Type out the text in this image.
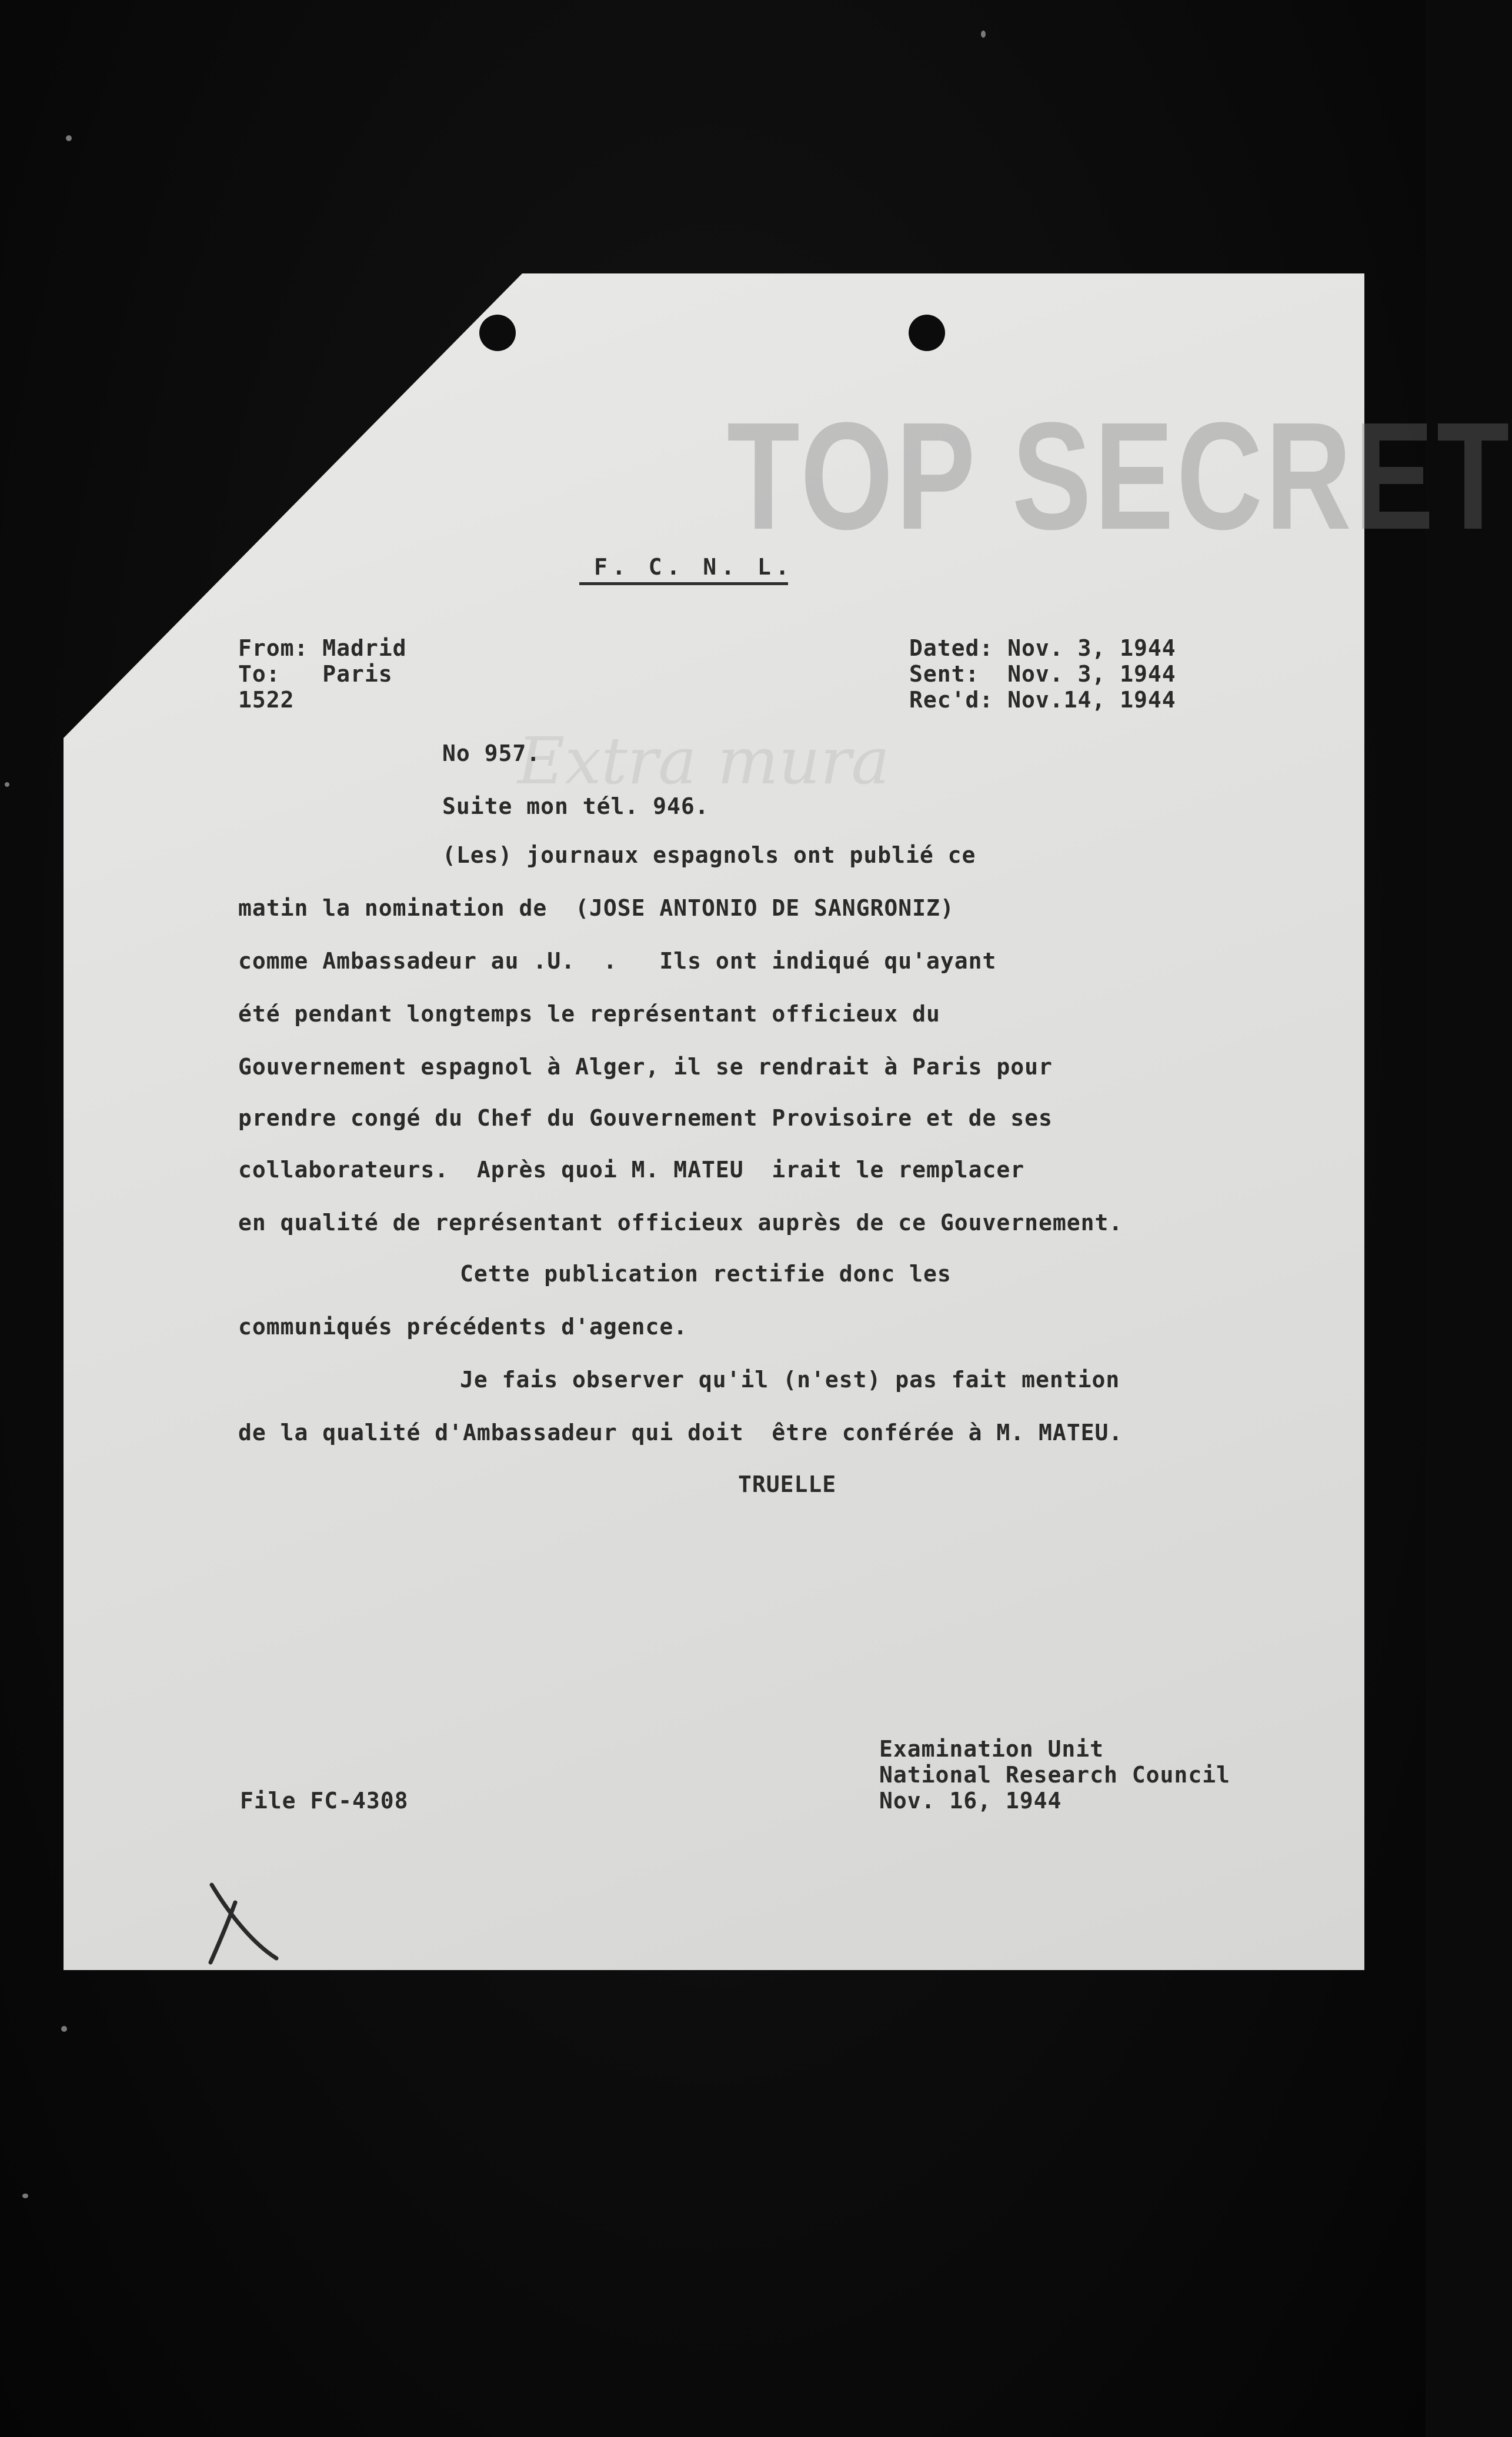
TOP SECRET
Extra mura
F. C. N. L.
From: Madrid
To:   Paris
1522
Dated: Nov. 3, 1944
Sent:  Nov. 3, 1944
Rec'd: Nov.14, 1944
No 957.
Suite mon tél. 946.
(Les) journaux espagnols ont publié ce
matin la nomination de  (JOSE ANTONIO DE SANGRONIZ)
comme Ambassadeur au .U.  .   Ils ont indiqué qu'ayant
été pendant longtemps le représentant officieux du
Gouvernement espagnol à Alger, il se rendrait à Paris pour
prendre congé du Chef du Gouvernement Provisoire et de ses
collaborateurs.  Après quoi M. MATEU  irait le remplacer
en qualité de représentant officieux auprès de ce Gouvernement.
Cette publication rectifie donc les
communiqués précédents d'agence.
Je fais observer qu'il (n'est) pas fait mention
de la qualité d'Ambassadeur qui doit  être conférée à M. MATEU.
TRUELLE
Examination Unit
National Research Council
Nov. 16, 1944
File FC-4308
